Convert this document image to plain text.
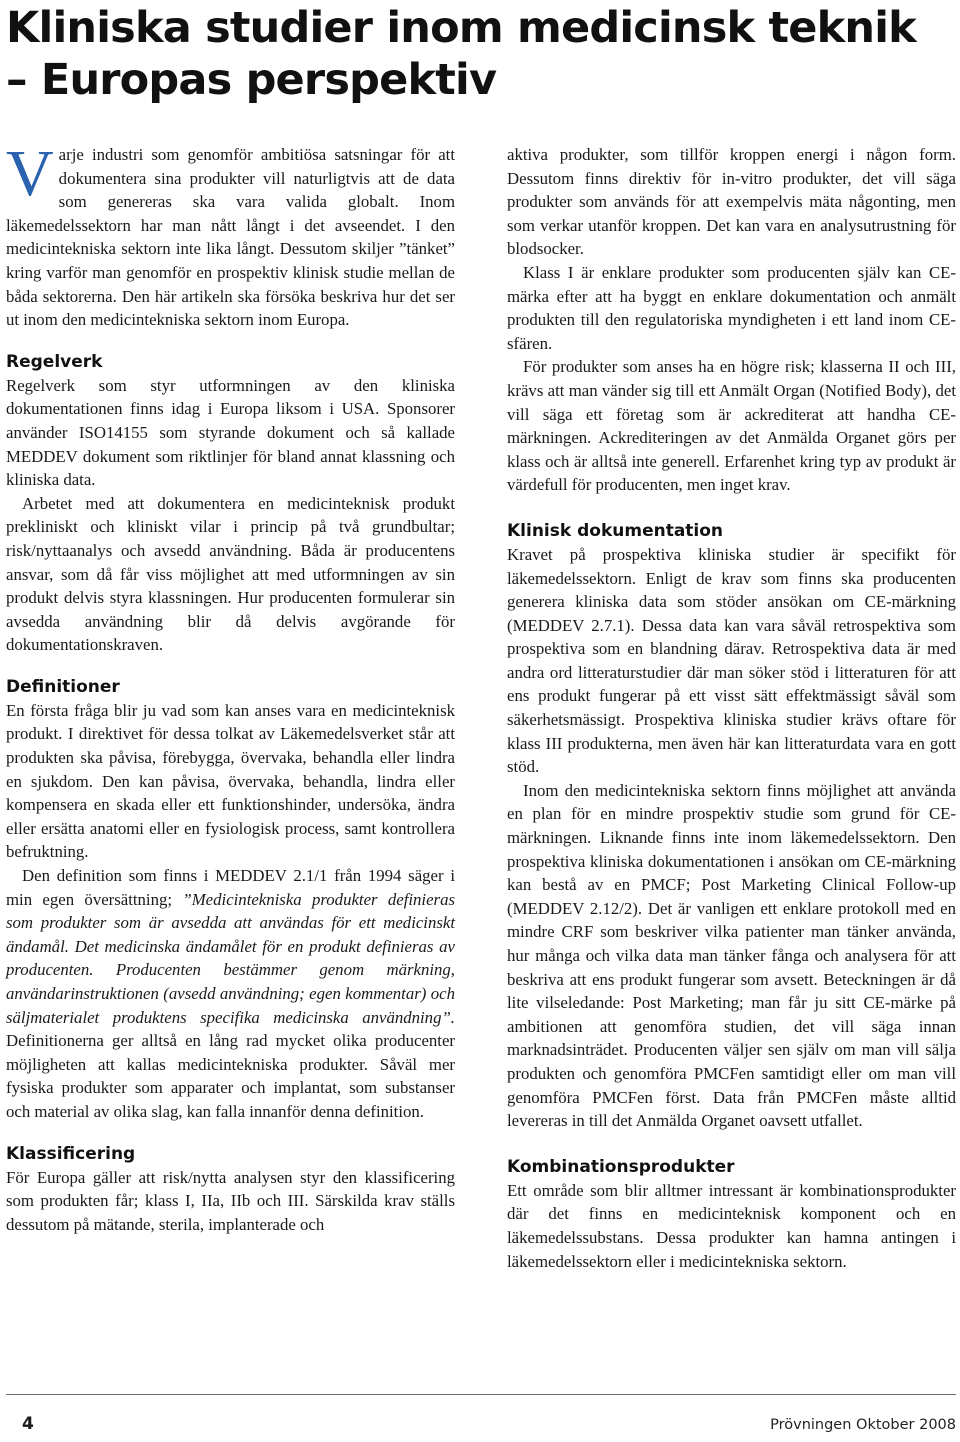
Kliniska studier inom medicinsk teknik
– Europas perspektiv

Varje industri som genomför ambitiösa satsningar för att dokumentera sina produkter vill naturligtvis att de data som genereras ska vara valida globalt. Inom läkemedelssektorn har man nått långt i det avseendet. I den medicintekniska sektorn inte lika långt. Dessutom skiljer ”tänket” kring varför man genomför en prospektiv klinisk studie mellan de båda sektorerna. Den här artikeln ska försöka beskriva hur det ser ut inom den medicintekniska sektorn inom Europa.

Regelverk

Regelverk som styr utformningen av den kliniska dokumentationen finns idag i Europa liksom i USA. Sponsorer använder ISO14155 som styrande dokument och så kallade MEDDEV dokument som riktlinjer för bland annat klassning och kliniska data.

Arbetet med att dokumentera en medicinteknisk produkt prekliniskt och kliniskt vilar i princip på två grundbultar; risk/nyttaanalys och avsedd användning. Båda är producentens ansvar, som då får viss möjlighet att med utformningen av sin produkt delvis styra klassningen. Hur producenten formulerar sin avsedda användning blir då delvis avgörande för dokumentationskraven.

Definitioner

En första fråga blir ju vad som kan anses vara en medicinteknisk produkt. I direktivet för dessa tolkat av Läkemedelsverket står att produkten ska påvisa, förebygga, övervaka, behandla eller lindra en sjukdom. Den kan påvisa, övervaka, behandla, lindra eller kompensera en skada eller ett funktionshinder, undersöka, ändra eller ersätta anatomi eller en fysiologisk process, samt kontrollera befruktning.

Den definition som finns i MEDDEV 2.1/1 från 1994 säger i min egen översättning; ”Medicintekniska produkter definieras som produkter som är avsedda att användas för ett medicinskt ändamål. Det medicinska ändamålet för en produkt definieras av producenten. Producenten bestämmer genom märkning, användarinstruktionen (avsedd användning; egen kommentar) och säljmaterialet produktens specifika medicinska användning”. Definitionerna ger alltså en lång rad mycket olika producenter möjligheten att kallas medicintekniska produkter. Såväl mer fysiska produkter som apparater och implantat, som substanser och material av olika slag, kan falla innanför denna definition.

Klassificering

För Europa gäller att risk/nytta analysen styr den klassificering som produkten får; klass I, IIa, IIb och III. Särskilda krav ställs dessutom på mätande, sterila, implanterade och

aktiva produkter, som tillför kroppen energi i någon form. Dessutom finns direktiv för in-vitro produkter, det vill säga produkter som används för att exempelvis mäta någonting, men som verkar utanför kroppen. Det kan vara en analysutrustning för blodsocker.

Klass I är enklare produkter som producenten själv kan CE-märka efter att ha byggt en enklare dokumentation och anmält produkten till den regulatoriska myndigheten i ett land inom CE-sfären.

För produkter som anses ha en högre risk; klasserna II och III, krävs att man vänder sig till ett Anmält Organ (Notified Body), det vill säga ett företag som är ackrediterat att handha CE-märkningen. Ackrediteringen av det Anmälda Organet görs per klass och är alltså inte generell. Erfarenhet kring typ av produkt är värdefull för producenten, men inget krav.

Klinisk dokumentation

Kravet på prospektiva kliniska studier är specifikt för läkemedelssektorn. Enligt de krav som finns ska producenten generera kliniska data som stöder ansökan om CE-märkning (MEDDEV 2.7.1). Dessa data kan vara såväl retrospektiva som prospektiva som en blandning därav. Retrospektiva data är med andra ord litteraturstudier där man söker stöd i litteraturen för att ens produkt fungerar på ett visst sätt effektmässigt såväl som säkerhetsmässigt. Prospektiva kliniska studier krävs oftare för klass III produkterna, men även här kan litteraturdata vara en gott stöd.

Inom den medicintekniska sektorn finns möjlighet att använda en plan för en mindre prospektiv studie som grund för CE-märkningen. Liknande finns inte inom läkemedelssektorn. Den prospektiva kliniska dokumentationen i ansökan om CE-märkning kan bestå av en PMCF; Post Marketing Clinical Follow-up (MEDDEV 2.12/2). Det är vanligen ett enklare protokoll med en mindre CRF som beskriver vilka patienter man tänker använda, hur många och vilka data man tänker fånga och analysera för att beskriva att ens produkt fungerar som avsett. Beteckningen är då lite vilseledande: Post Marketing; man får ju sitt CE-märke på ambitionen att genomföra studien, det vill säga innan marknadsinträdet. Producenten väljer sen själv om man vill sälja produkten och genomföra PMCFen samtidigt eller om man vill genomföra PMCFen först. Data från PMCFen måste alltid levereras in till det Anmälda Organet oavsett utfallet.

Kombinationsprodukter

Ett område som blir alltmer intressant är kombinationsprodukter där det finns en medicinteknisk komponent och en läkemedelssubstans. Dessa produkter kan hamna antingen i läkemedelssektorn eller i medicintekniska sektorn.

4	Prövningen Oktober 2008
